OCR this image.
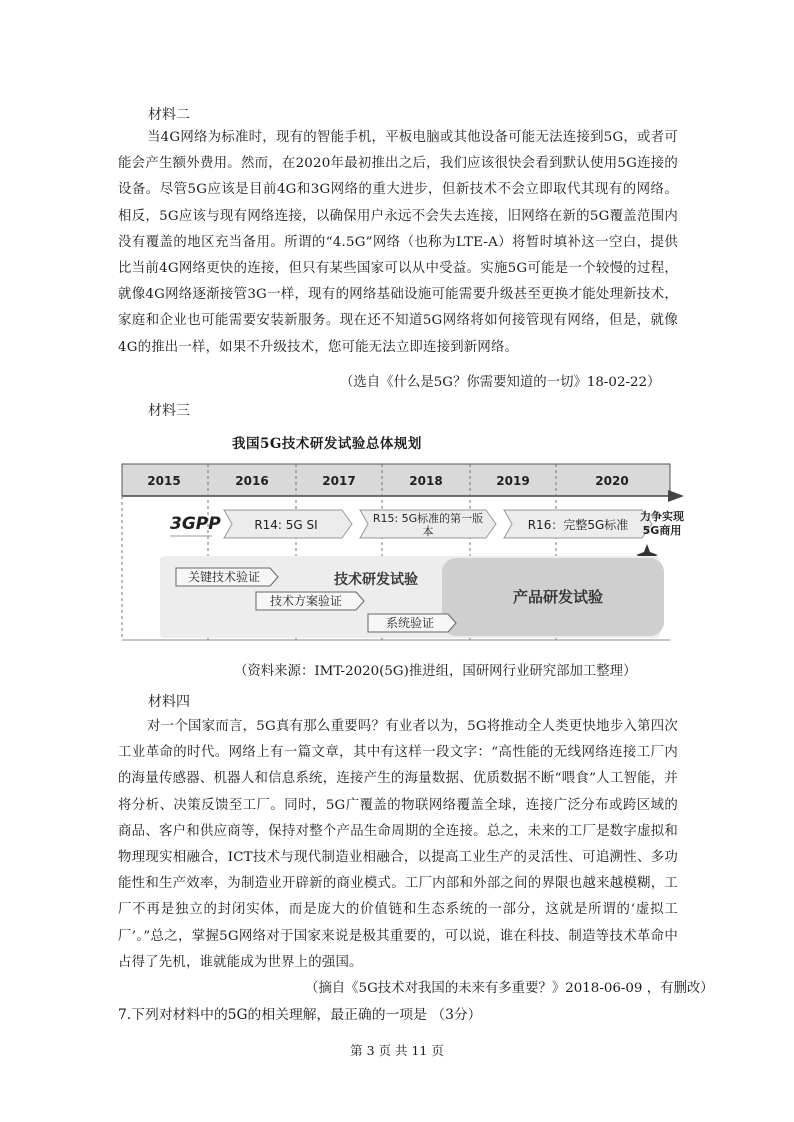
材料二

当4G网络为标准时，现有的智能手机，平板电脑或其他设备可能无法连接到5G，或者可能会产生额外费用。然而，在2020年最初推出之后，我们应该很快会看到默认使用5G连接的设备。尽管5G应该是目前4G和3G网络的重大进步，但新技术不会立即取代其现有的网络。相反，5G应该与现有网络连接，以确保用户永远不会失去连接，旧网络在新的5G覆盖范围内没有覆盖的地区充当备用。所谓的“4.5G”网络（也称为LTE-A）将暂时填补这一空白，提供比当前4G网络更快的连接，但只有某些国家可以从中受益。实施5G可能是一个较慢的过程，就像4G网络逐渐接管3G一样，现有的网络基础设施可能需要升级甚至更换才能处理新技术，家庭和企业也可能需要安装新服务。现在还不知道5G网络将如何接管现有网络，但是，就像4G的推出一样，如果不升级技术，您可能无法立即连接到新网络。

（选自《什么是5G？你需要知道的一切》18-02-22）
材料三
我国5G技术研发试验总体规划
2015	2016	2017	2018	2019	2020
3GPP	R14: 5G SI	R15: 5G标准的第一版本	R16：完整5G标准
力争实现
5G商用
技术研发试验
产品研发试验
关键技术验证
技术方案验证
系统验证
（资料来源：IMT-2020(5G)推进组，国研网行业研究部加工整理）
材料四

对一个国家而言，5G真有那么重要吗？有业者以为，5G将推动全人类更快地步入第四次工业革命的时代。网络上有一篇文章，其中有这样一段文字：“高性能的无线网络连接工厂内的海量传感器、机器人和信息系统，连接产生的海量数据、优质数据不断“喂食”人工智能，并将分析、决策反馈至工厂。同时，5G广覆盖的物联网络覆盖全球，连接广泛分布或跨区域的商品、客户和供应商等，保持对整个产品生命周期的全连接。总之，未来的工厂是数字虚拟和物理现实相融合，ICT技术与现代制造业相融合，以提高工业生产的灵活性、可追溯性、多功能性和生产效率，为制造业开辟新的商业模式。工厂内部和外部之间的界限也越来越模糊，工厂不再是独立的封闭实体，而是庞大的价值链和生态系统的一部分，这就是所谓的‘虚拟工厂’。”总之，掌握5G网络对于国家来说是极其重要的，可以说，谁在科技、制造等技术革命中占得了先机，谁就能成为世界上的强国。

（摘自《5G技术对我国的未来有多重要？》2018-06-09 ，有删改）
7.下列对材料中的5G的相关理解，最正确的一项是 （3分）
第 3 页 共 11 页
